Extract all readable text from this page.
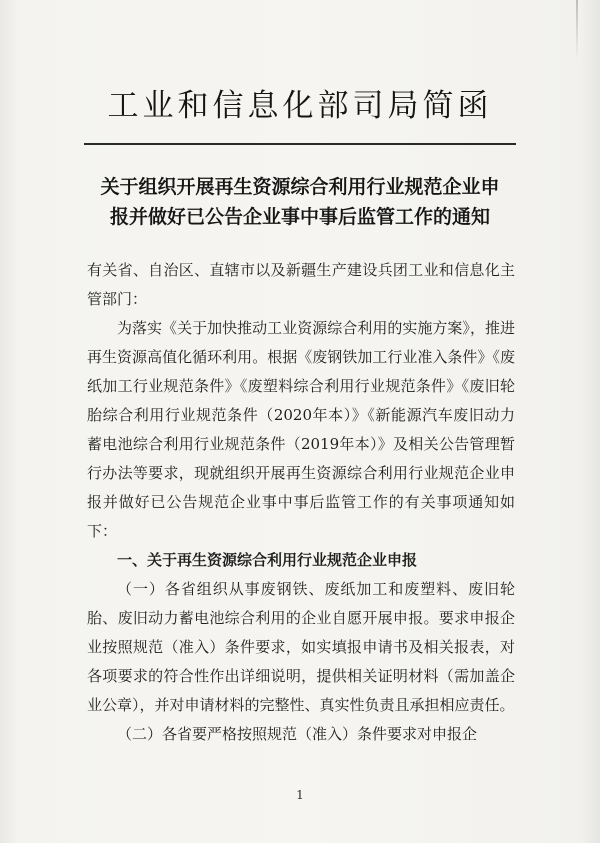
工业和信息化部司局简函
关于组织开展再生资源综合利用行业规范企业申报并做好已公告企业事中事后监管工作的通知

有关省、自治区、直辖市以及新疆生产建设兵团工业和信息化主管部门：

为落实《关于加快推动工业资源综合利用的实施方案》，推进再生资源高值化循环利用。根据《废钢铁加工行业准入条件》《废纸加工行业规范条件》《废塑料综合利用行业规范条件》《废旧轮胎综合利用行业规范条件（2020年本）》《新能源汽车废旧动力蓄电池综合利用行业规范条件（2019年本）》及相关公告管理暂行办法等要求，现就组织开展再生资源综合利用行业规范企业申报并做好已公告规范企业事中事后监管工作的有关事项通知如下：

一、关于再生资源综合利用行业规范企业申报

（一）各省组织从事废钢铁、废纸加工和废塑料、废旧轮胎、废旧动力蓄电池综合利用的企业自愿开展申报。要求申报企业按照规范（准入）条件要求，如实填报申请书及相关报表，对各项要求的符合性作出详细说明，提供相关证明材料（需加盖企业公章），并对申请材料的完整性、真实性负责且承担相应责任。

（二）各省要严格按照规范（准入）条件要求对申报企

1
